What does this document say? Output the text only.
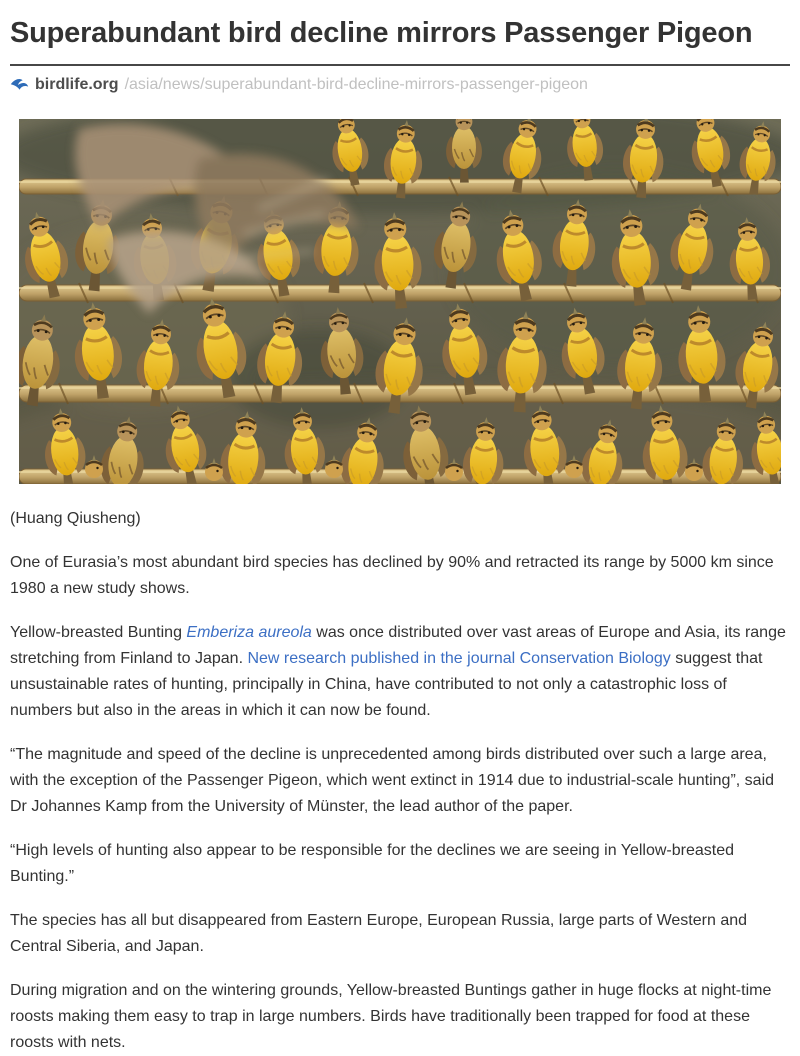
Superabundant bird decline mirrors Passenger Pigeon
birdlife.org /asia/news/superabundant-bird-decline-mirrors-passenger-pigeon

(Huang Qiusheng)

One of Eurasia’s most abundant bird species has declined by 90% and retracted its range by 5000 km since 1980 a new study shows.

Yellow-breasted Bunting Emberiza aureola was once distributed over vast areas of Europe and Asia, its range stretching from Finland to Japan. New research published in the journal Conservation Biology suggest that unsustainable rates of hunting, principally in China, have contributed to not only a catastrophic loss of numbers but also in the areas in which it can now be found.

“The magnitude and speed of the decline is unprecedented among birds distributed over such a large area, with the exception of the Passenger Pigeon, which went extinct in 1914 due to industrial-scale hunting”, said Dr Johannes Kamp from the University of Münster, the lead author of the paper.

“High levels of hunting also appear to be responsible for the declines we are seeing in Yellow-breasted Bunting.”

The species has all but disappeared from Eastern Europe, European Russia, large parts of Western and Central Siberia, and Japan.

During migration and on the wintering grounds, Yellow-breasted Buntings gather in huge flocks at night-time roosts making them easy to trap in large numbers. Birds have traditionally been trapped for food at these roosts with nets.
